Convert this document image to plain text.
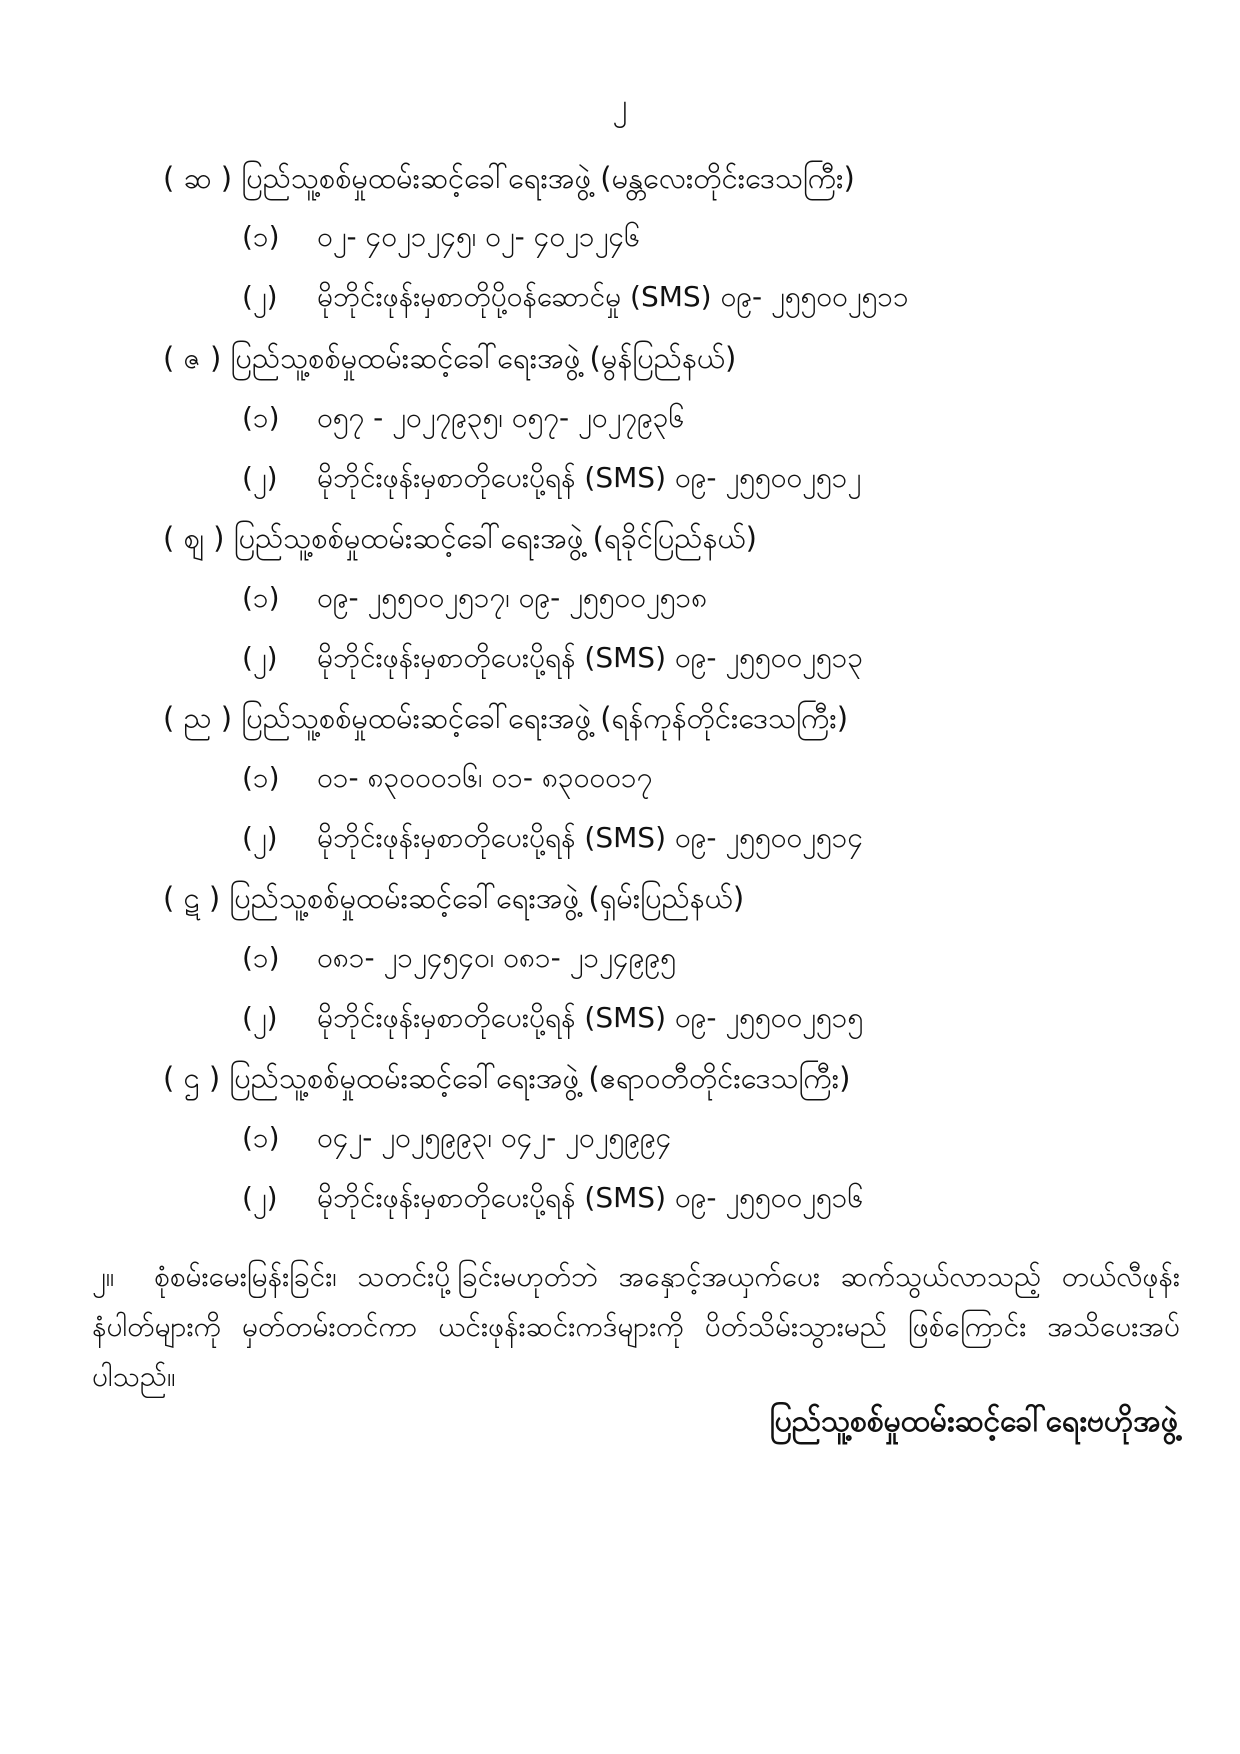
၂
( ဆ ) ပြည်သူ့စစ်မှုထမ်းဆင့်ခေါ်ရေးအဖွဲ့ (မန္တလေးတိုင်းဒေသကြီး)
(၁) ၀၂- ၄၀၂၁၂၄၅၊ ၀၂- ၄၀၂၁၂၄၆
(၂) မိုဘိုင်းဖုန်းမှစာတိုပို့ဝန်ဆောင်မှု (SMS) ၀၉- ၂၅၅၀၀၂၅၁၁
( ဇ ) ပြည်သူ့စစ်မှုထမ်းဆင့်ခေါ်ရေးအဖွဲ့ (မွန်ပြည်နယ်)
(၁) ၀၅၇ - ၂၀၂၇၉၃၅၊ ၀၅၇- ၂၀၂၇၉၃၆
(၂) မိုဘိုင်းဖုန်းမှစာတိုပေးပို့ရန် (SMS) ၀၉- ၂၅၅၀၀၂၅၁၂
( ဈ ) ပြည်သူ့စစ်မှုထမ်းဆင့်ခေါ်ရေးအဖွဲ့ (ရခိုင်ပြည်နယ်)
(၁) ၀၉- ၂၅၅၀၀၂၅၁၇၊ ၀၉- ၂၅၅၀၀၂၅၁၈
(၂) မိုဘိုင်းဖုန်းမှစာတိုပေးပို့ရန် (SMS) ၀၉- ၂၅၅၀၀၂၅၁၃
( ည ) ပြည်သူ့စစ်မှုထမ်းဆင့်ခေါ်ရေးအဖွဲ့ (ရန်ကုန်တိုင်းဒေသကြီး)
(၁) ၀၁- ၈၃၀၀၀၁၆၊ ၀၁- ၈၃၀၀၀၁၇
(၂) မိုဘိုင်းဖုန်းမှစာတိုပေးပို့ရန် (SMS) ၀၉- ၂၅၅၀၀၂၅၁၄
( ဋ ) ပြည်သူ့စစ်မှုထမ်းဆင့်ခေါ်ရေးအဖွဲ့ (ရှမ်းပြည်နယ်)
(၁) ၀၈၁- ၂၁၂၄၅၄၀၊ ၀၈၁- ၂၁၂၄၉၉၅
(၂) မိုဘိုင်းဖုန်းမှစာတိုပေးပို့ရန် (SMS) ၀၉- ၂၅၅၀၀၂၅၁၅
( ဌ ) ပြည်သူ့စစ်မှုထမ်းဆင့်ခေါ်ရေးအဖွဲ့ (ဧရာဝတီတိုင်းဒေသကြီး)
(၁) ၀၄၂- ၂၀၂၅၉၉၃၊ ၀၄၂- ၂၀၂၅၉၉၄
(၂) မိုဘိုင်းဖုန်းမှစာတိုပေးပို့ရန် (SMS) ၀၉- ၂၅၅၀၀၂၅၁၆
၂။ စုံစမ်းမေးမြန်းခြင်း၊ သတင်းပို့ခြင်းမဟုတ်ဘဲ အနှောင့်အယှက်ပေး ဆက်သွယ်လာသည့် တယ်လီဖုန်းနံပါတ်များကို မှတ်တမ်းတင်ကာ ယင်းဖုန်းဆင်းကဒ်များကို ပိတ်သိမ်းသွားမည် ဖြစ်ကြောင်း အသိပေးအပ်ပါသည်။
ပြည်သူ့စစ်မှုထမ်းဆင့်ခေါ်ရေးဗဟိုအဖွဲ့
